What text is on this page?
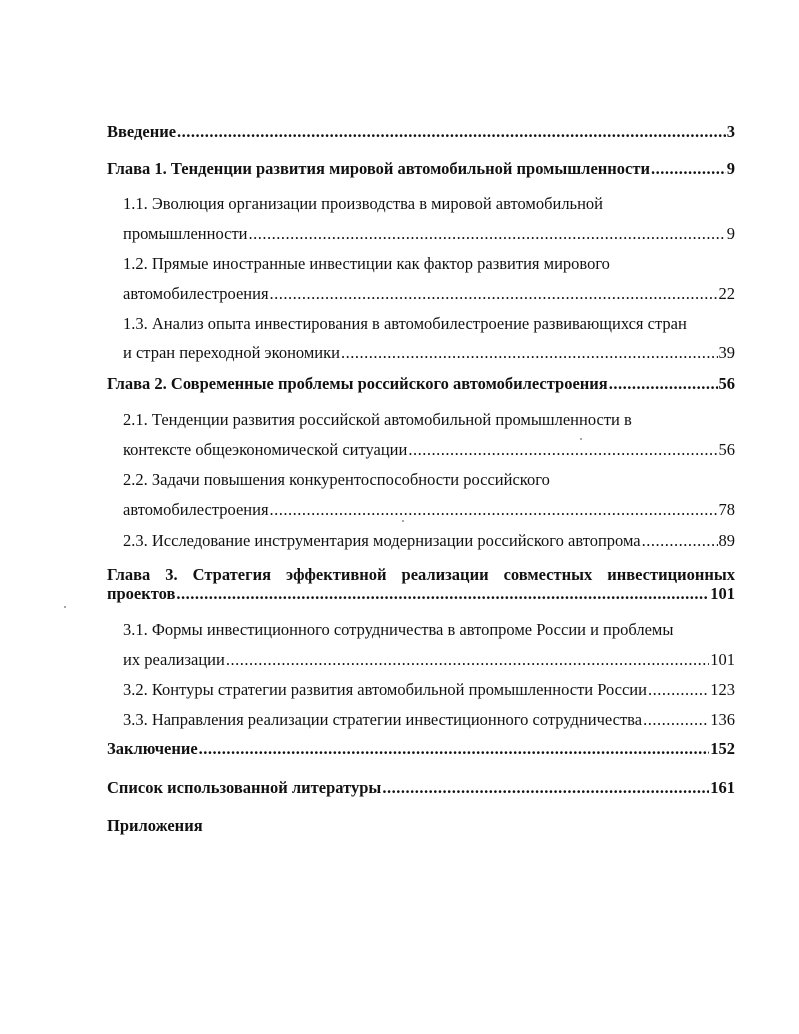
Введение .....	3
Глава 1. Тенденции развития мировой автомобильной промышленности .....	9
1.1. Эволюция организации производства в мировой автомобильной
промышленности .....	9
1.2. Прямые иностранные инвестиции как фактор развития мирового
автомобилестроения .....	22
1.3. Анализ опыта инвестирования в автомобилестроение развивающихся стран
и стран переходной экономики .....	39
Глава 2. Современные проблемы российского автомобилестроения .....	56
2.1. Тенденции развития российской автомобильной промышленности в
контексте общеэкономической ситуации .....	56
2.2. Задачи повышения конкурентоспособности российского
автомобилестроения .....	78
2.3. Исследование инструментария модернизации российского автопрома .....	89
Глава 3. Стратегия эффективной реализации совместных инвестиционных
проектов .....	101
3.1. Формы инвестиционного сотрудничества в автопроме России и проблемы
их реализации .....	101
3.2. Контуры стратегии развития автомобильной промышленности России .....	123
3.3. Направления реализации стратегии инвестиционного сотрудничества .....	136
Заключение .....	152
Список использованной литературы .....	161
Приложения
